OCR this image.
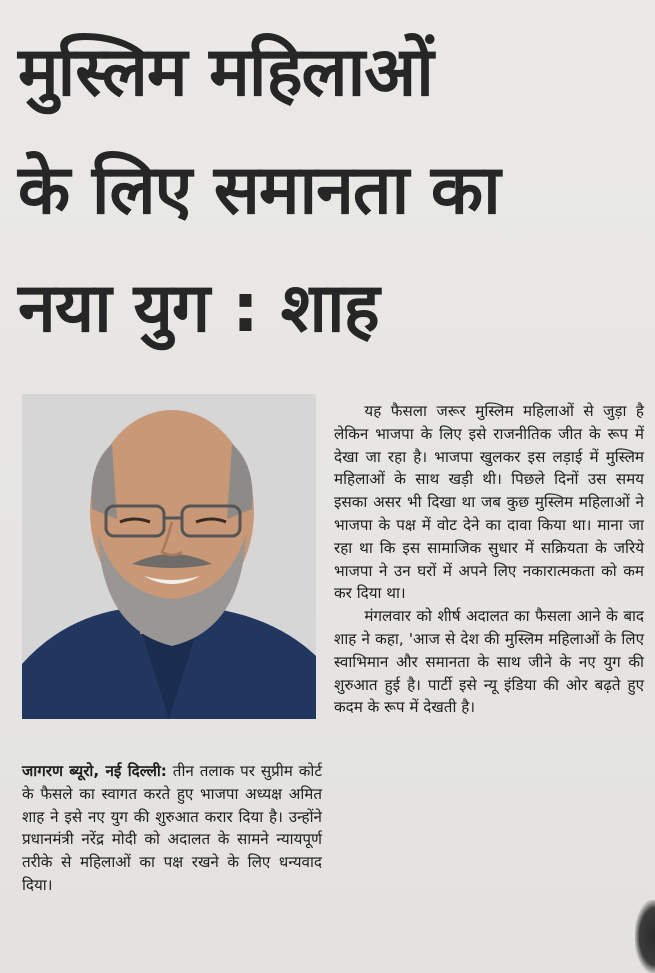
मुस्लिम महिलाओं
के लिए समानता का
नया युग : शाह

यह फैसला जरूर मुस्लिम महिलाओं से जुड़ा है लेकिन भाजपा के लिए इसे राजनीतिक जीत के रूप में देखा जा रहा है। भाजपा खुलकर इस लड़ाई में मुस्लिम महिलाओं के साथ खड़ी थी। पिछले दिनों उस समय इसका असर भी दिखा था जब कुछ मुस्लिम महिलाओं ने भाजपा के पक्ष में वोट देने का दावा किया था। माना जा रहा था कि इस सामाजिक सुधार में सक्रियता के जरिये भाजपा ने उन घरों में अपने लिए नकारात्मकता को कम कर दिया था।

मंगलवार को शीर्ष अदालत का फैसला आने के बाद शाह ने कहा, 'आज से देश की मुस्लिम महिलाओं के लिए स्वाभिमान और समानता के साथ जीने के नए युग की शुरुआत हुई है। पार्टी इसे न्यू इंडिया की ओर बढ़ते हुए कदम के रूप में देखती है।

जागरण ब्यूरो, नई दिल्ली: तीन तलाक पर सुप्रीम कोर्ट के फैसले का स्वागत करते हुए भाजपा अध्यक्ष अमित शाह ने इसे नए युग की शुरुआत करार दिया है। उन्होंने प्रधानमंत्री नरेंद्र मोदी को अदालत के सामने न्यायपूर्ण तरीके से महिलाओं का पक्ष रखने के लिए धन्यवाद दिया।
